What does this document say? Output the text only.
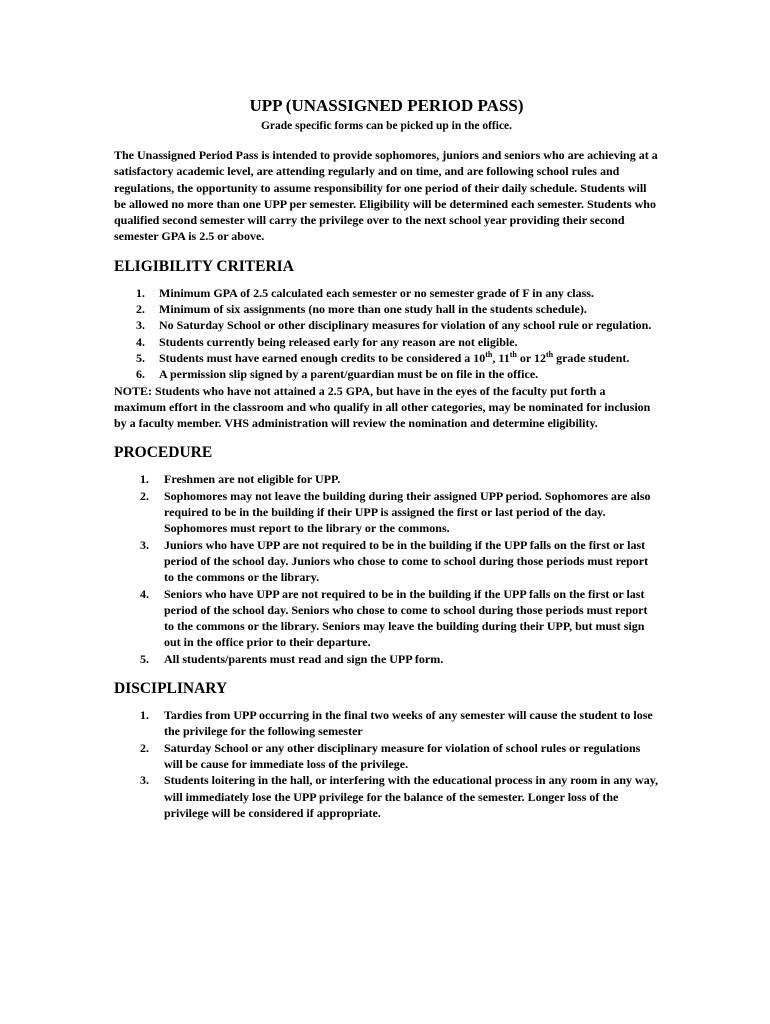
UPP (UNASSIGNED PERIOD PASS)

Grade specific forms can be picked up in the office.

The Unassigned Period Pass is intended to provide sophomores, juniors and seniors who are achieving at a satisfactory academic level, are attending regularly and on time, and are following school rules and regulations, the opportunity to assume responsibility for one period of their daily schedule. Students will be allowed no more than one UPP per semester. Eligibility will be determined each semester. Students who qualified second semester will carry the privilege over to the next school year providing their second semester GPA is 2.5 or above.

ELIGIBILITY CRITERIA
1. Minimum GPA of 2.5 calculated each semester or no semester grade of F in any class.
2. Minimum of six assignments (no more than one study hall in the students schedule).
3. No Saturday School or other disciplinary measures for violation of any school rule or regulation.
4. Students currently being released early for any reason are not eligible.
5. Students must have earned enough credits to be considered a 10th, 11th or 12th grade student.
6. A permission slip signed by a parent/guardian must be on file in the office.

NOTE: Students who have not attained a 2.5 GPA, but have in the eyes of the faculty put forth a maximum effort in the classroom and who qualify in all other categories, may be nominated for inclusion by a faculty member. VHS administration will review the nomination and determine eligibility.

PROCEDURE
1. Freshmen are not eligible for UPP.
2. Sophomores may not leave the building during their assigned UPP period. Sophomores are also required to be in the building if their UPP is assigned the first or last period of the day. Sophomores must report to the library or the commons.
3. Juniors who have UPP are not required to be in the building if the UPP falls on the first or last period of the school day. Juniors who chose to come to school during those periods must report to the commons or the library.
4. Seniors who have UPP are not required to be in the building if the UPP falls on the first or last period of the school day. Seniors who chose to come to school during those periods must report to the commons or the library. Seniors may leave the building during their UPP, but must sign out in the office prior to their departure.
5. All students/parents must read and sign the UPP form.
DISCIPLINARY
1. Tardies from UPP occurring in the final two weeks of any semester will cause the student to lose the privilege for the following semester
2. Saturday School or any other disciplinary measure for violation of school rules or regulations will be cause for immediate loss of the privilege.
3. Students loitering in the hall, or interfering with the educational process in any room in any way, will immediately lose the UPP privilege for the balance of the semester. Longer loss of the privilege will be considered if appropriate.
